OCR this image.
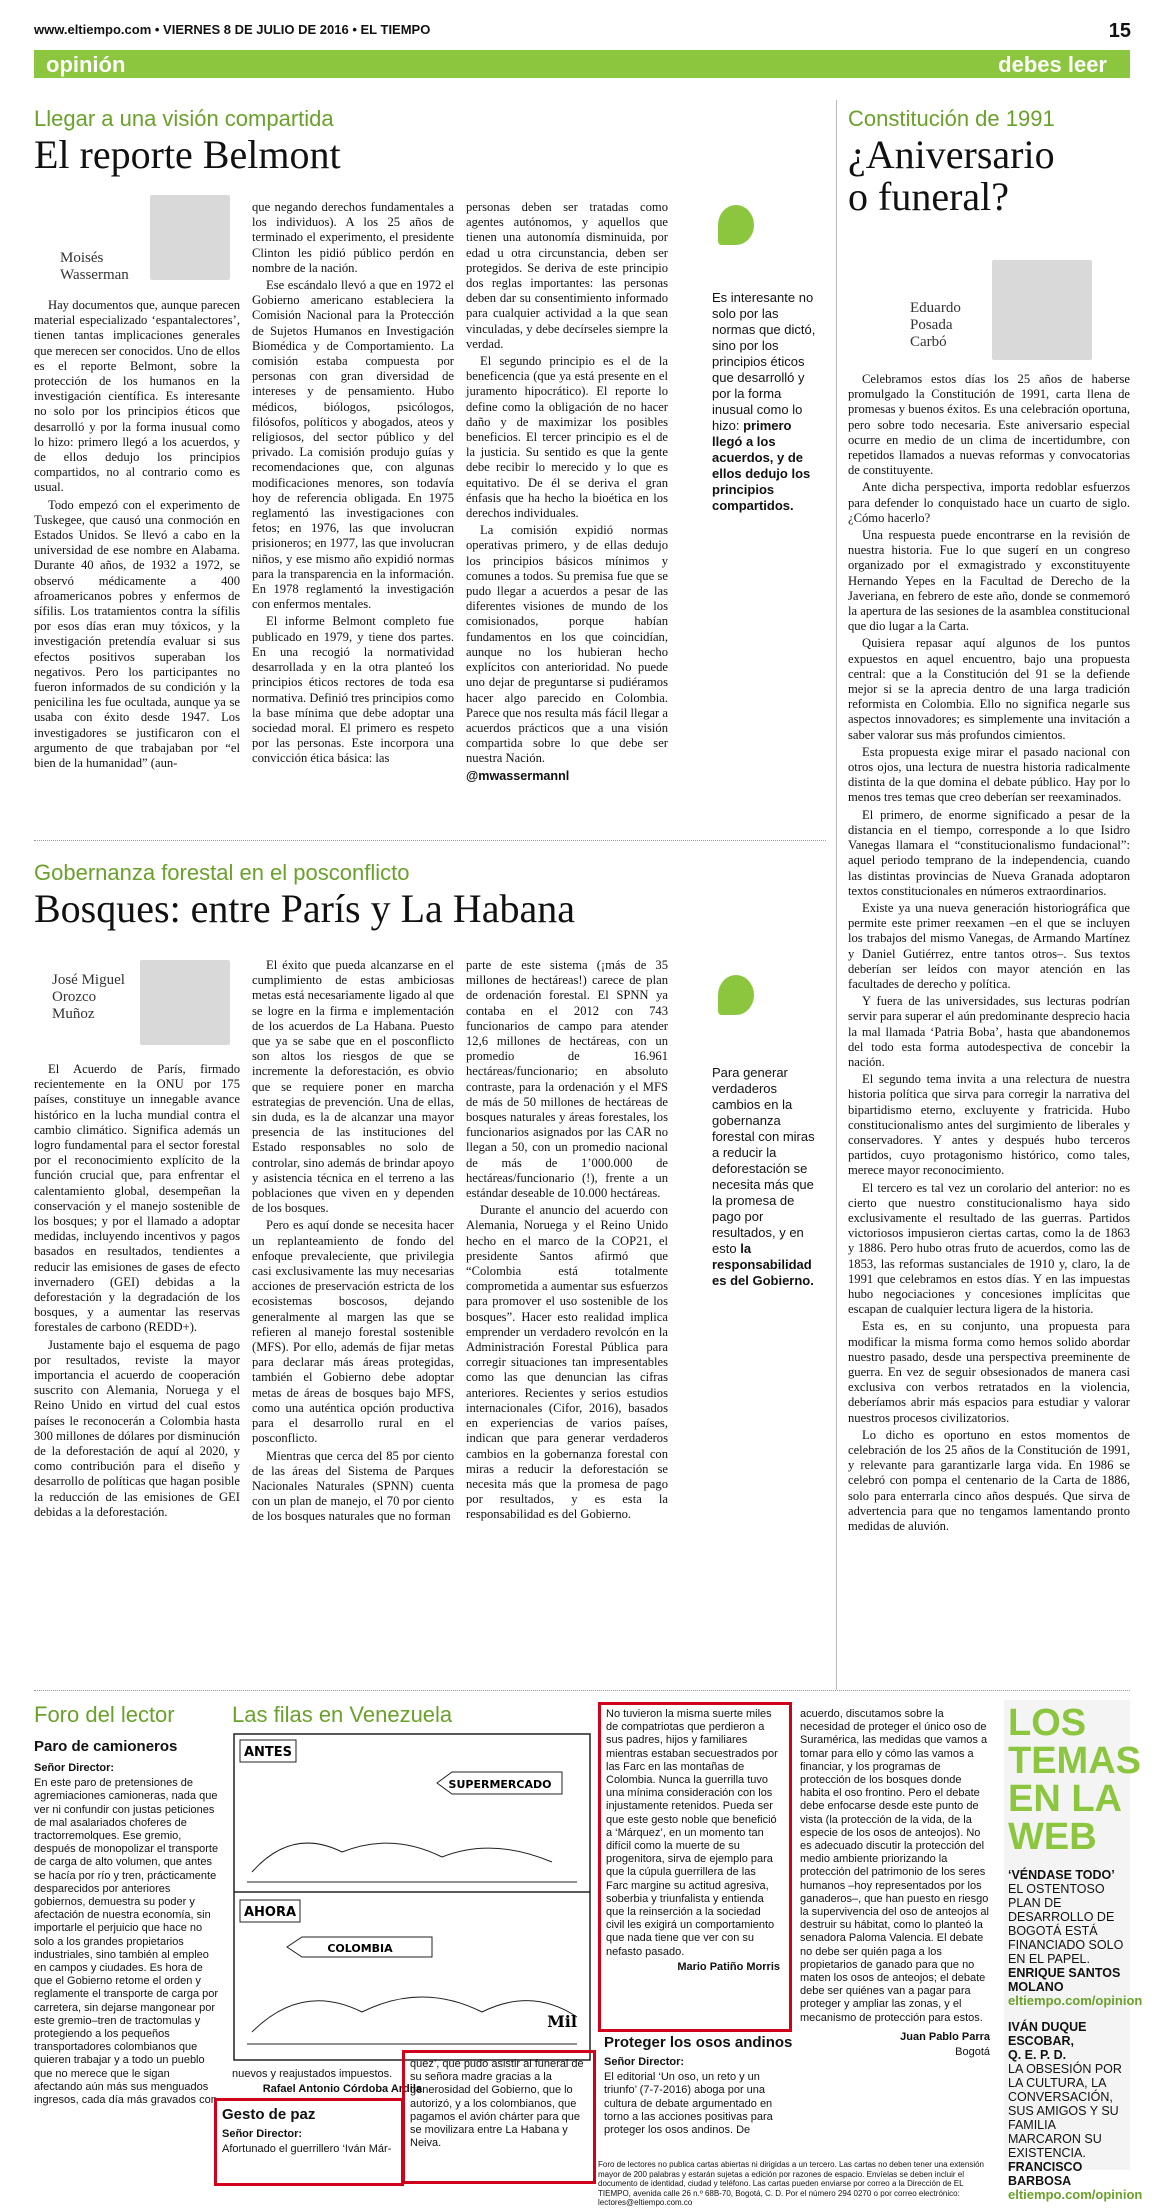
www.eltiempo.com • VIERNES 8 DE JULIO DE 2016 • EL TIEMPO	15
opinión	debes leer
Llegar a una visión compartida
El reporte Belmont
Moisés Wasserman

Hay documentos que, aunque parecen material especializado ‘espantalectores’, tienen tantas implicaciones generales que merecen ser conocidos. Uno de ellos es el reporte Belmont, sobre la protección de los humanos en la investigación científica. Es interesante no solo por los principios éticos que desarrolló y por la forma inusual como lo hizo: primero llegó a los acuerdos, y de ellos dedujo los principios compartidos, no al contrario como es usual.

Todo empezó con el experimento de Tuskegee, que causó una conmoción en Estados Unidos. Se llevó a cabo en la universidad de ese nombre en Alabama. Durante 40 años, de 1932 a 1972, se observó médicamente a 400 afroamericanos pobres y enfermos de sífilis. Los tratamientos contra la sífilis por esos días eran muy tóxicos, y la investigación pretendía evaluar si sus efectos positivos superaban los negativos. Pero los participantes no fueron informados de su condición y la penicilina les fue ocultada, aunque ya se usaba con éxito desde 1947. Los investigadores se justificaron con el argumento de que trabajaban por “el bien de la humanidad” (aun-

que negando derechos fundamentales a los individuos). A los 25 años de terminado el experimento, el presidente Clinton les pidió público perdón en nombre de la nación.

Ese escándalo llevó a que en 1972 el Gobierno americano estableciera la Comisión Nacional para la Protección de Sujetos Humanos en Investigación Biomédica y de Comportamiento. La comisión estaba compuesta por personas con gran diversidad de intereses y de pensamiento. Hubo médicos, biólogos, psicólogos, filósofos, políticos y abogados, ateos y religiosos, del sector público y del privado. La comisión produjo guías y recomendaciones que, con algunas modificaciones menores, son todavía hoy de referencia obligada. En 1975 reglamentó las investigaciones con fetos; en 1976, las que involucran prisioneros; en 1977, las que involucran niños, y ese mismo año expidió normas para la transparencia en la información. En 1978 reglamentó la investigación con enfermos mentales.

El informe Belmont completo fue publicado en 1979, y tiene dos partes. En una recogió la normatividad desarrollada y en la otra planteó los principios éticos rectores de toda esa normativa. Definió tres principios como la base mínima que debe adoptar una sociedad moral. El primero es respeto por las personas. Este incorpora una convicción ética básica: las

personas deben ser tratadas como agentes autónomos, y aquellos que tienen una autonomía disminuida, por edad u otra circunstancia, deben ser protegidos. Se deriva de este principio dos reglas importantes: las personas deben dar su consentimiento informado para cualquier actividad a la que sean vinculadas, y debe decírseles siempre la verdad.

El segundo principio es el de la beneficencia (que ya está presente en el juramento hipocrático). El reporte lo define como la obligación de no hacer daño y de maximizar los posibles beneficios. El tercer principio es el de la justicia. Su sentido es que la gente debe recibir lo merecido y lo que es equitativo. De él se deriva el gran énfasis que ha hecho la bioética en los derechos individuales.

La comisión expidió normas operativas primero, y de ellas dedujo los principios básicos mínimos y comunes a todos. Su premisa fue que se pudo llegar a acuerdos a pesar de las diferentes visiones de mundo de los comisionados, porque habían fundamentos en los que coincidían, aunque no los hubieran hecho explícitos con anterioridad. No puede uno dejar de preguntarse si pudiéramos hacer algo parecido en Colombia. Parece que nos resulta más fácil llegar a acuerdos prácticos que a una visión compartida sobre lo que debe ser nuestra Nación.

@mwassermannl

Es interesante no solo por las normas que dictó, sino por los principios éticos que desarrolló y por la forma inusual como lo hizo: primero llegó a los acuerdos, y de ellos dedujo los principios compartidos.
Gobernanza forestal en el posconflicto
Bosques: entre París y La Habana
José Miguel Orozco Muñoz

El Acuerdo de París, firmado recientemente en la ONU por 175 países, constituye un innegable avance histórico en la lucha mundial contra el cambio climático. Significa además un logro fundamental para el sector forestal por el reconocimiento explícito de la función crucial que, para enfrentar el calentamiento global, desempeñan la conservación y el manejo sostenible de los bosques; y por el llamado a adoptar medidas, incluyendo incentivos y pagos basados en resultados, tendientes a reducir las emisiones de gases de efecto invernadero (GEI) debidas a la deforestación y la degradación de los bosques, y a aumentar las reservas forestales de carbono (REDD+).

Justamente bajo el esquema de pago por resultados, reviste la mayor importancia el acuerdo de cooperación suscrito con Alemania, Noruega y el Reino Unido en virtud del cual estos países le reconocerán a Colombia hasta 300 millones de dólares por disminución de la deforestación de aquí al 2020, y como contribución para el diseño y desarrollo de políticas que hagan posible la reducción de las emisiones de GEI debidas a la deforestación.

El éxito que pueda alcanzarse en el cumplimiento de estas ambiciosas metas está necesariamente ligado al que se logre en la firma e implementación de los acuerdos de La Habana. Puesto que ya se sabe que en el posconflicto son altos los riesgos de que se incremente la deforestación, es obvio que se requiere poner en marcha estrategias de prevención. Una de ellas, sin duda, es la de alcanzar una mayor presencia de las instituciones del Estado responsables no solo de controlar, sino además de brindar apoyo y asistencia técnica en el terreno a las poblaciones que viven en y dependen de los bosques.

Pero es aquí donde se necesita hacer un replanteamiento de fondo del enfoque prevaleciente, que privilegia casi exclusivamente las muy necesarias acciones de preservación estricta de los ecosistemas boscosos, dejando generalmente al margen las que se refieren al manejo forestal sostenible (MFS). Por ello, además de fijar metas para declarar más áreas protegidas, también el Gobierno debe adoptar metas de áreas de bosques bajo MFS, como una auténtica opción productiva para el desarrollo rural en el posconflicto.

Mientras que cerca del 85 por ciento de las áreas del Sistema de Parques Nacionales Naturales (SPNN) cuenta con un plan de manejo, el 70 por ciento de los bosques naturales que no forman

parte de este sistema (¡más de 35 millones de hectáreas!) carece de plan de ordenación forestal. El SPNN ya contaba en el 2012 con 743 funcionarios de campo para atender 12,6 millones de hectáreas, con un promedio de 16.961 hectáreas/funcionario; en absoluto contraste, para la ordenación y el MFS de más de 50 millones de hectáreas de bosques naturales y áreas forestales, los funcionarios asignados por las CAR no llegan a 50, con un promedio nacional de más de 1’000.000 de hectáreas/funcionario (!), frente a un estándar deseable de 10.000 hectáreas.

Durante el anuncio del acuerdo con Alemania, Noruega y el Reino Unido hecho en el marco de la COP21, el presidente Santos afirmó que “Colombia está totalmente comprometida a aumentar sus esfuerzos para promover el uso sostenible de los bosques”. Hacer esto realidad implica emprender un verdadero revolcón en la Administración Forestal Pública para corregir situaciones tan impresentables como las que denuncian las cifras anteriores. Recientes y serios estudios internacionales (Cifor, 2016), basados en experiencias de varios países, indican que para generar verdaderos cambios en la gobernanza forestal con miras a reducir la deforestación se necesita más que la promesa de pago por resultados, y es esta la responsabilidad es del Gobierno.

Para generar verdaderos cambios en la gobernanza forestal con miras a reducir la deforestación se necesita más que la promesa de pago por resultados, y en esto la responsabilidad es del Gobierno.
Constitución de 1991
¿Aniversario o funeral?
Eduardo Posada Carbó

Celebramos estos días los 25 años de haberse promulgado la Constitución de 1991, carta llena de promesas y buenos éxitos. Es una celebración oportuna, pero sobre todo necesaria. Este aniversario especial ocurre en medio de un clima de incertidumbre, con repetidos llamados a nuevas reformas y convocatorias de constituyente.

Ante dicha perspectiva, importa redoblar esfuerzos para defender lo conquistado hace un cuarto de siglo. ¿Cómo hacerlo?

Una respuesta puede encontrarse en la revisión de nuestra historia. Fue lo que sugerí en un congreso organizado por el exmagistrado y exconstituyente Hernando Yepes en la Facultad de Derecho de la Javeriana, en febrero de este año, donde se conmemoró la apertura de las sesiones de la asamblea constitucional que dio lugar a la Carta.

Quisiera repasar aquí algunos de los puntos expuestos en aquel encuentro, bajo una propuesta central: que a la Constitución del 91 se la defiende mejor si se la aprecia dentro de una larga tradición reformista en Colombia. Ello no significa negarle sus aspectos innovadores; es simplemente una invitación a saber valorar sus más profundos cimientos.

Esta propuesta exige mirar el pasado nacional con otros ojos, una lectura de nuestra historia radicalmente distinta de la que domina el debate público. Hay por lo menos tres temas que creo deberían ser reexaminados.

El primero, de enorme significado a pesar de la distancia en el tiempo, corresponde a lo que Isidro Vanegas llamara el “constitucionalismo fundacional”: aquel periodo temprano de la independencia, cuando las distintas provincias de Nueva Granada adoptaron textos constitucionales en números extraordinarios.

Existe ya una nueva generación historiográfica que permite este primer reexamen –en el que se incluyen los trabajos del mismo Vanegas, de Armando Martínez y Daniel Gutiérrez, entre tantos otros–. Sus textos deberían ser leídos con mayor atención en las facultades de derecho y política.

Y fuera de las universidades, sus lecturas podrían servir para superar el aún predominante desprecio hacia la mal llamada ‘Patria Boba’, hasta que abandonemos del todo esta forma autodespectiva de concebir la nación.

El segundo tema invita a una relectura de nuestra historia política que sirva para corregir la narrativa del bipartidismo eterno, excluyente y fratricida. Hubo constitucionalismo antes del surgimiento de liberales y conservadores. Y antes y después hubo terceros partidos, cuyo protagonismo histórico, como tales, merece mayor reconocimiento.

El tercero es tal vez un corolario del anterior: no es cierto que nuestro constitucionalismo haya sido exclusivamente el resultado de las guerras. Partidos victoriosos impusieron ciertas cartas, como la de 1863 y 1886. Pero hubo otras fruto de acuerdos, como las de 1853, las reformas sustanciales de 1910 y, claro, la de 1991 que celebramos en estos días. Y en las impuestas hubo negociaciones y concesiones implícitas que escapan de cualquier lectura ligera de la historia.

Esta es, en su conjunto, una propuesta para modificar la misma forma como hemos solido abordar nuestro pasado, desde una perspectiva preeminente de guerra. En vez de seguir obsesionados de manera casi exclusiva con verbos retratados en la violencia, deberíamos abrir más espacios para estudiar y valorar nuestros procesos civilizatorios.

Lo dicho es oportuno en estos momentos de celebración de los 25 años de la Constitución de 1991, y relevante para garantizarle larga vida. En 1986 se celebró con pompa el centenario de la Carta de 1886, solo para enterrarla cinco años después. Que sirva de advertencia para que no tengamos lamentando pronto medidas de aluvión.

Foro del lector
Paro de camioneros

Señor Director:

En este paro de pretensiones de agremiaciones camioneras, nada que ver ni confundir con justas peticiones de mal asalariados choferes de tractorremolques. Ese gremio, después de monopolizar el transporte de carga de alto volumen, que antes se hacía por río y tren, prácticamente desparecidos por anteriores gobiernos, demuestra su poder y afectación de nuestra economía, sin importarle el perjuicio que hace no solo a los grandes propietarios industriales, sino también al empleo en campos y ciudades. Es hora de que el Gobierno retome el orden y reglamente el transporte de carga por carretera, sin dejarse mangonear por este gremio–tren de tractomulas y protegiendo a los pequeños transportadores colombianos que quieren trabajar y a todo un pueblo que no merece que le sigan afectando aún más sus menguados ingresos, cada día más gravados con

Las filas en Venezuela
ANTES
SUPERMERCADO
AHORA
COLOMBIA
Mil

nuevos y reajustados impuestos.

Rafael Antonio Córdoba Ardila

Gesto de paz

Señor Director:

Afortunado el guerrillero ‘Iván Már-

quez’, que pudo asistir al funeral de su señora madre gracias a la generosidad del Gobierno, que lo autorizó, y a los colombianos, que pagamos el avión chárter para que se movilizara entre La Habana y Neiva.

No tuvieron la misma suerte miles de compatriotas que perdieron a sus padres, hijos y familiares mientras estaban secuestrados por las Farc en las montañas de Colombia. Nunca la guerrilla tuvo una mínima consideración con los injustamente retenidos. Pueda ser que este gesto noble que benefició a ‘Márquez’, en un momento tan difícil como la muerte de su progenitora, sirva de ejemplo para que la cúpula guerrillera de las Farc margine su actitud agresiva, soberbia y triunfalista y entienda que la reinserción a la sociedad civil les exigirá un comportamiento que nada tiene que ver con su nefasto pasado.

Mario Patiño Morris

Proteger los osos andinos

Señor Director:

El editorial ‘Un oso, un reto y un triunfo’ (7-7-2016) aboga por una cultura de debate argumentado en torno a las acciones positivas para proteger los osos andinos. De

acuerdo, discutamos sobre la necesidad de proteger el único oso de Suramérica, las medidas que vamos a tomar para ello y cómo las vamos a financiar, y los programas de protección de los bosques donde habita el oso frontino. Pero el debate debe enfocarse desde este punto de vista (la protección de la vida, de la especie de los osos de anteojos). No es adecuado discutir la protección del medio ambiente priorizando la protección del patrimonio de los seres humanos –hoy representados por los ganaderos–, que han puesto en riesgo la supervivencia del oso de anteojos al destruir su hábitat, como lo planteó la senadora Paloma Valencia. El debate no debe ser quién paga a los propietarios de ganado para que no maten los osos de anteojos; el debate debe ser quiénes van a pagar para proteger y ampliar las zonas, y el mecanismo de protección para estos.

Juan Pablo Parra

Bogotá

Foro de lectores no publica cartas abiertas ni dirigidas a un tercero. Las cartas no deben tener una extensión mayor de 200 palabras y estarán sujetas a edición por razones de espacio. Envíelas se deben incluir el documento de identidad, ciudad y teléfono. Las cartas pueden enviarse por correo a la Dirección de EL TIEMPO, avenida calle 26 n.º 68B-70, Bogotá, C. D. Por el número 294 0270 o por correo electrónico: lectores@eltiempo.com.co
LOS
TEMAS
EN LA
WEB
‘VÉNDASE TODO’
EL OSTENTOSO PLAN DE DESARROLLO DE BOGOTÁ ESTÁ FINANCIADO SOLO EN EL PAPEL.
ENRIQUE SANTOS MOLANO
eltiempo.com/opinion
IVÁN DUQUE ESCOBAR,
Q. E. P. D.
LA OBSESIÓN POR LA CULTURA, LA CONVERSACIÓN, SUS AMIGOS Y SU FAMILIA MARCARON SU EXISTENCIA.
FRANCISCO BARBOSA
eltiempo.com/opinion
